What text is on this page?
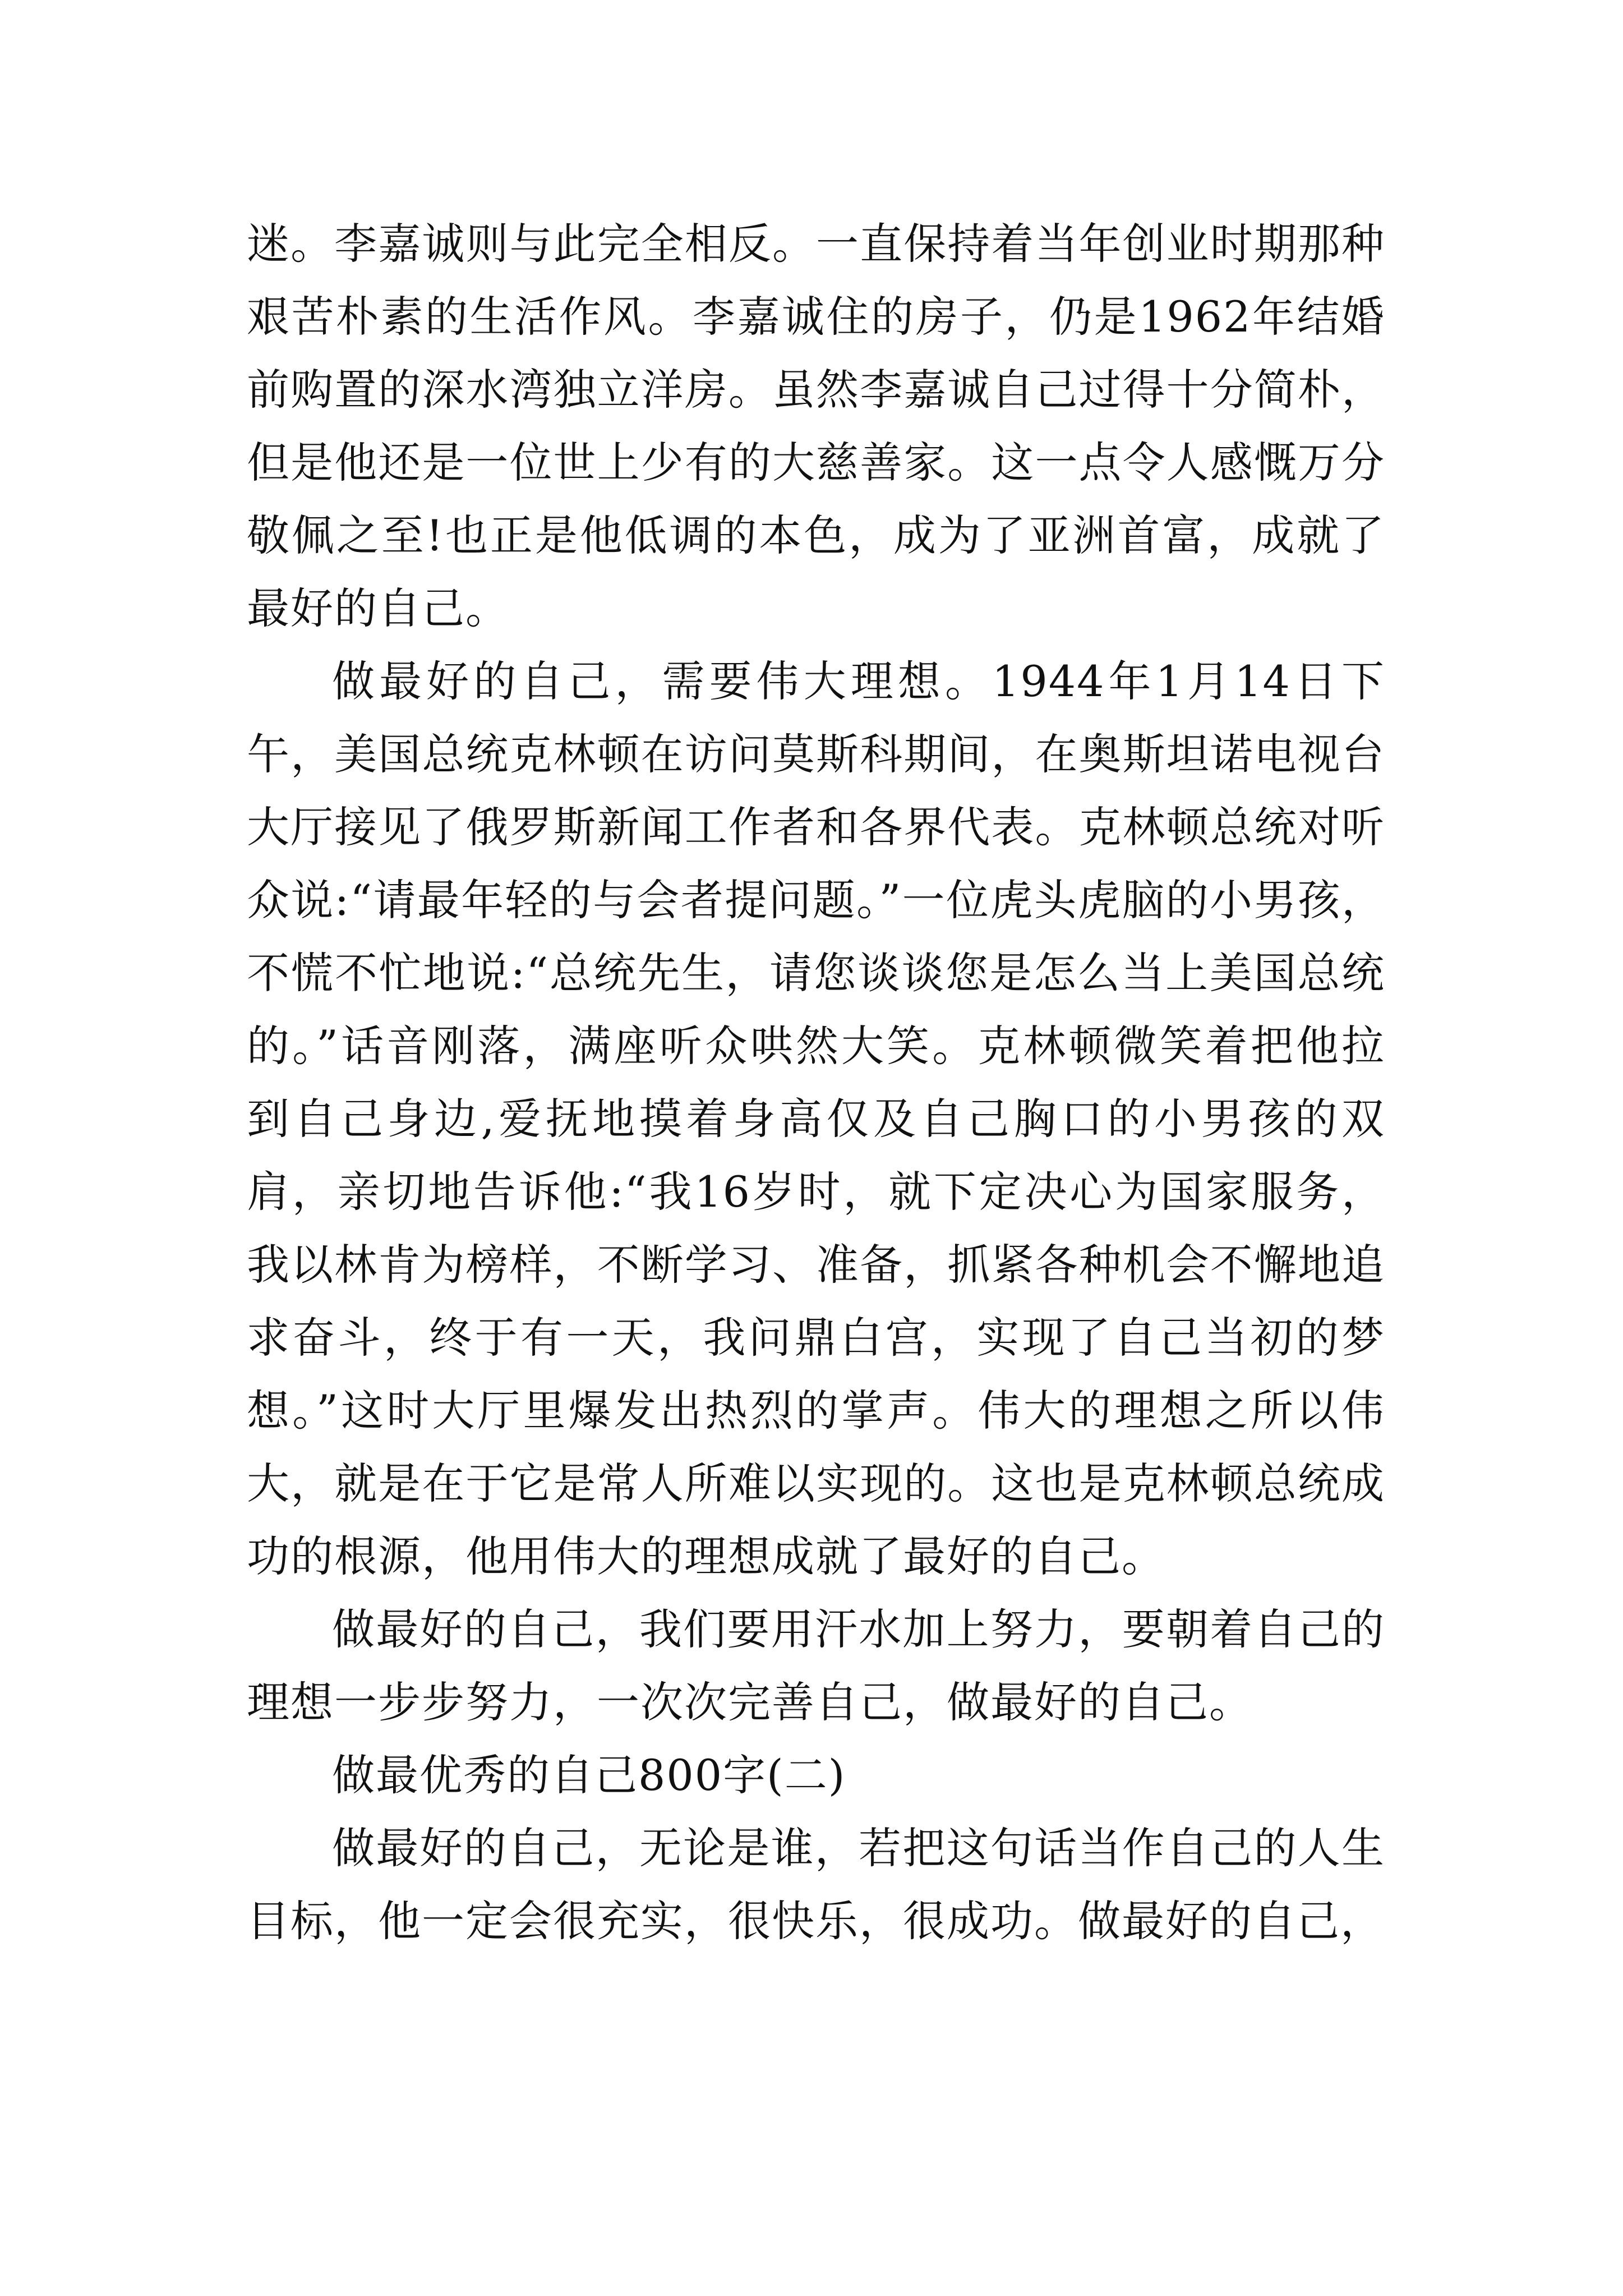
迷。李嘉诚则与此完全相反。一直保持着当年创业时期那种艰苦朴素的生活作风。李嘉诚住的房子，仍是1962年结婚前购置的深水湾独立洋房。虽然李嘉诚自己过得十分简朴，但是他还是一位世上少有的大慈善家。这一点令人感慨万分敬佩之至!也正是他低调的本色，成为了亚洲首富，成就了最好的自己。

做最好的自己，需要伟大理想。1944年1月14日下午，美国总统克林顿在访问莫斯科期间，在奥斯坦诺电视台大厅接见了俄罗斯新闻工作者和各界代表。克林顿总统对听众说:“请最年轻的与会者提问题。”一位虎头虎脑的小男孩，不慌不忙地说:“总统先生，请您谈谈您是怎么当上美国总统的。”话音刚落，满座听众哄然大笑。克林顿微笑着把他拉到自己身边,爱抚地摸着身高仅及自己胸口的小男孩的双肩，亲切地告诉他:“我16岁时，就下定决心为国家服务，我以林肯为榜样，不断学习、准备，抓紧各种机会不懈地追求奋斗，终于有一天，我问鼎白宫，实现了自己当初的梦想。”这时大厅里爆发出热烈的掌声。伟大的理想之所以伟大，就是在于它是常人所难以实现的。这也是克林顿总统成功的根源，他用伟大的理想成就了最好的自己。

做最好的自己，我们要用汗水加上努力，要朝着自己的理想一步步努力，一次次完善自己，做最好的自己。

做最优秀的自己800字(二)

做最好的自己，无论是谁，若把这句话当作自己的人生目标，他一定会很充实，很快乐，很成功。做最好的自己，
